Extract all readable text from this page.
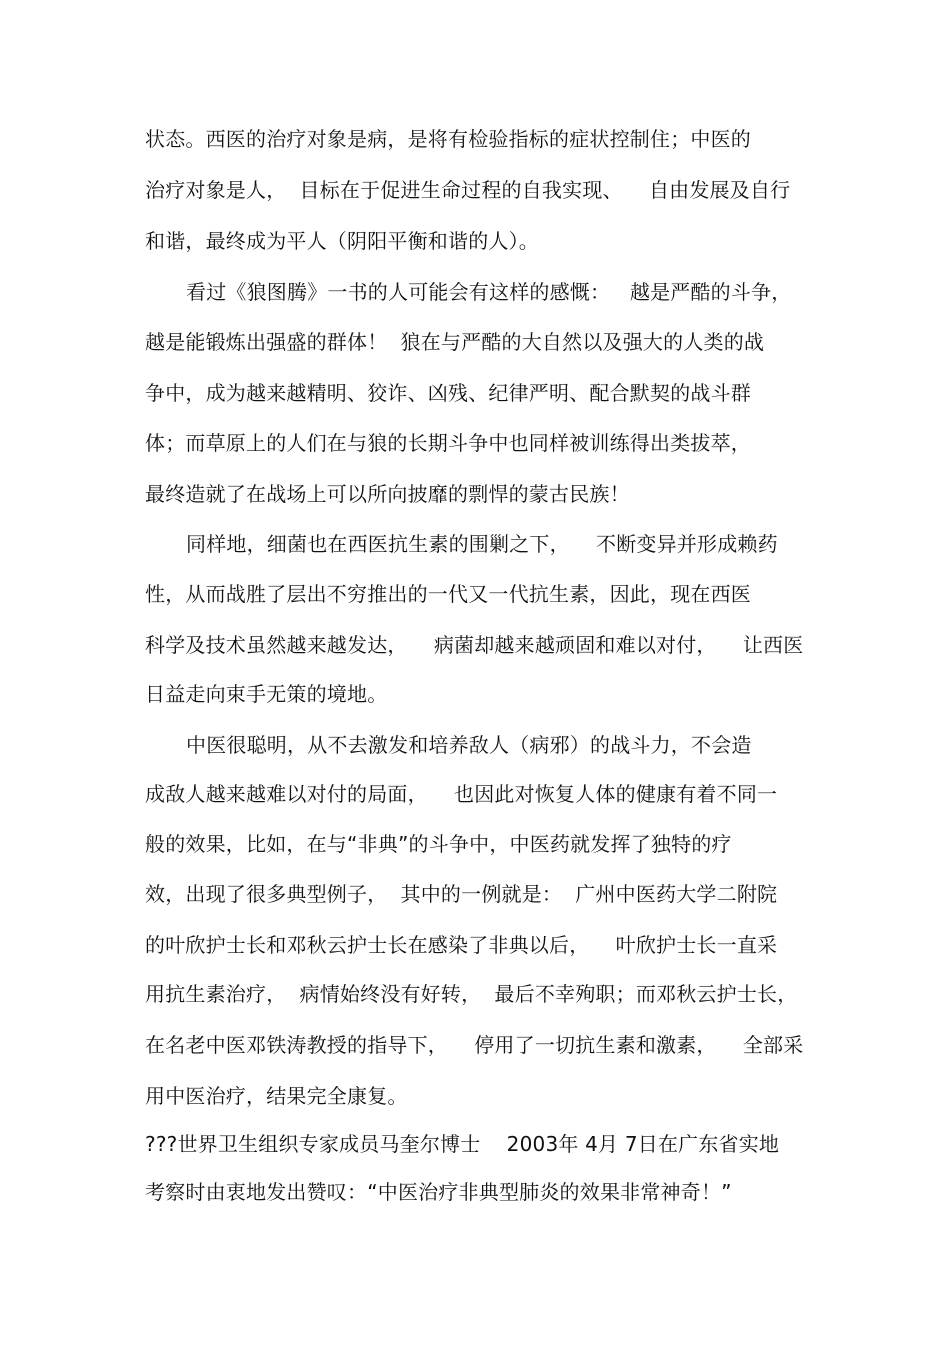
状态。西医的治疗对象是病，是将有检验指标的症状控制住；中医的
治疗对象是人，  目标在于促进生命过程的自我实现、    自由发展及自行
和谐，最终成为平人（阴阳平衡和谐的人）。
看过《狼图腾》一书的人可能会有这样的感慨：   越是严酷的斗争，
越是能锻炼出强盛的群体！  狼在与严酷的大自然以及强大的人类的战
争中，成为越来越精明、狡诈、凶残、纪律严明、配合默契的战斗群
体；而草原上的人们在与狼的长期斗争中也同样被训练得出类拔萃，
最终造就了在战场上可以所向披靡的剽悍的蒙古民族！
同样地，细菌也在西医抗生素的围剿之下，    不断变异并形成赖药
性，从而战胜了层出不穷推出的一代又一代抗生素，因此，现在西医
科学及技术虽然越来越发达，    病菌却越来越顽固和难以对付，    让西医
日益走向束手无策的境地。
中医很聪明，从不去激发和培养敌人（病邪）的战斗力，不会造
成敌人越来越难以对付的局面，    也因此对恢复人体的健康有着不同一
般的效果，比如，在与“非典”的斗争中，中医药就发挥了独特的疗
效，出现了很多典型例子，  其中的一例就是：  广州中医药大学二附院
的叶欣护士长和邓秋云护士长在感染了非典以后，    叶欣护士长一直采
用抗生素治疗，  病情始终没有好转，  最后不幸殉职；而邓秋云护士长，
在名老中医邓铁涛教授的指导下，    停用了一切抗生素和激素，    全部采
用中医治疗，结果完全康复。
???世界卫生组织专家成员马奎尔博士    2003年 4月 7日在广东省实地
考察时由衷地发出赞叹：“中医治疗非典型肺炎的效果非常神奇！”
